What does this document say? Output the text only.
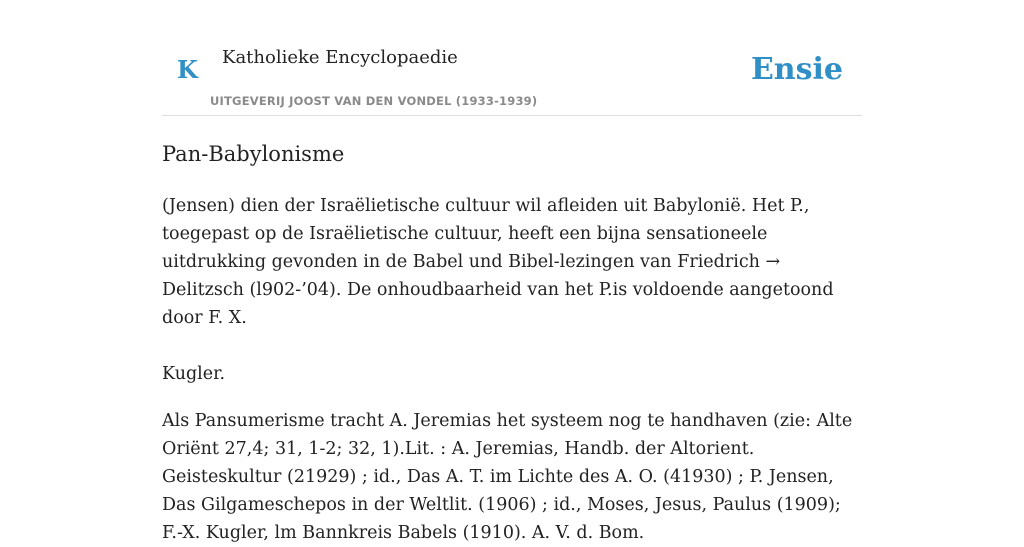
K Katholieke Encyclopaedie
UITGEVERIJ JOOST VAN DEN VONDEL (1933-1939)
Ensie
Pan-Babylonisme

(Jensen) dien der Israëlietische cultuur wil afleiden uit Babylonië. Het P., toegepast op de Israëlietische cultuur, heeft een bijna sensationeele uitdrukking gevonden in de Babel und Bibel-lezingen van Friedrich → Delitzsch (l902-’04). De onhoudbaarheid van het P.is voldoende aangetoond door F. X.

Kugler.

Als Pansumerisme tracht A. Jeremias het systeem nog te handhaven (zie: Alte Oriënt 27,4; 31, 1-2; 32, 1).Lit. : A. Jeremias, Handb. der Altorient. Geisteskultur (21929) ; id., Das A. T. im Lichte des A. O. (41930) ; P. Jensen, Das Gilgameschepos in der Weltlit. (1906) ; id., Moses, Jesus, Paulus (1909); F.-X. Kugler, lm Bannkreis Babels (1910). A. V. d. Bom.
